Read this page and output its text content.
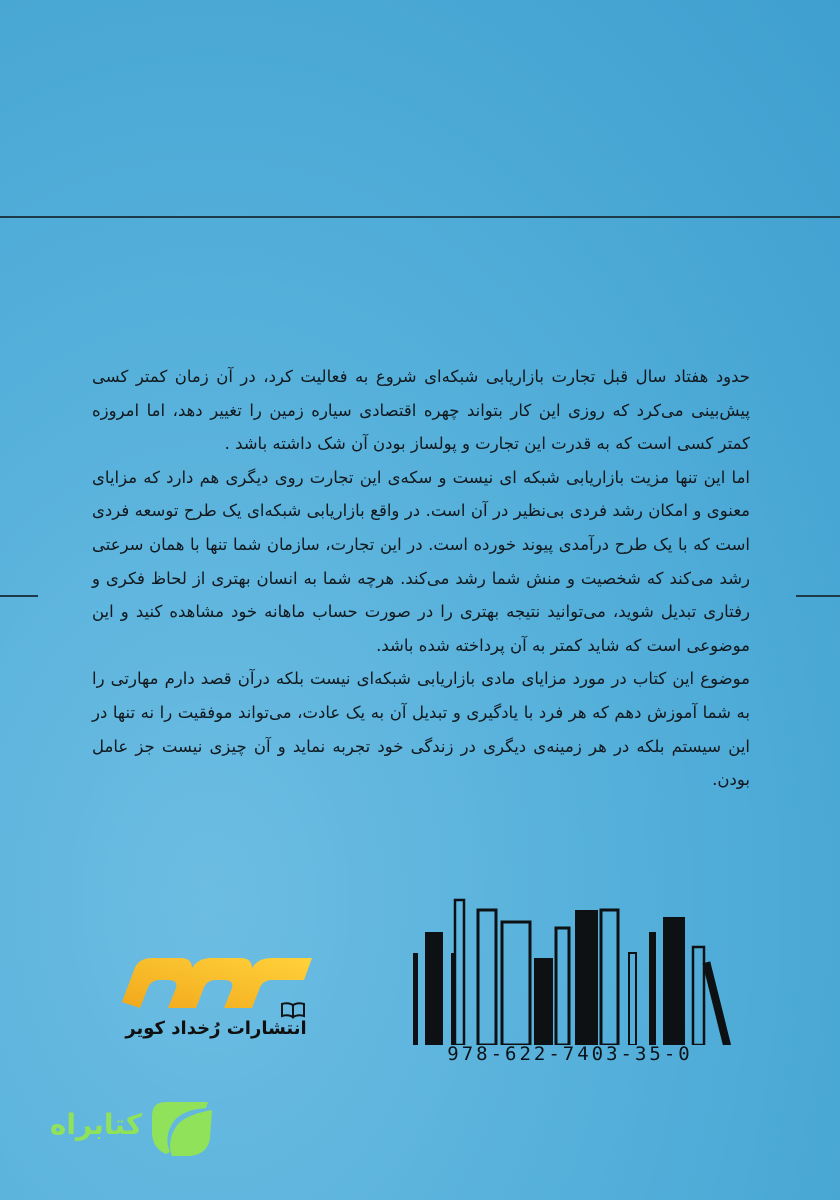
حدود هفتاد سال قبل تجارت بازاریابی شبکه‌ای شروع به فعالیت کرد، در آن زمان کمتر کسی پیش‌بینی می‌کرد که روزی این کار بتواند چهره اقتصادی سیاره زمین را تغییر دهد، اما امروزه کمتر کسی است که به قدرت این تجارت و پولساز بودن آن شک داشته باشد .

اما این تنها مزیت بازاریابی شبکه ای نیست و سکه‌ی این تجارت روی دیگری هم دارد که مزایای معنوی و امکان رشد فردی بی‌نظیر در آن است. در واقع بازاریابی شبکه‌ای یک طرح توسعه فردی است که با یک طرح درآمدی پیوند خورده است. در این تجارت، سازمان شما تنها با همان سرعتی رشد می‌کند که شخصیت و منش شما رشد می‌کند. هرچه شما به انسان بهتری از لحاظ فکری و رفتاری تبدیل شوید، می‌توانید نتیجه بهتری را در صورت حساب ماهانه خود مشاهده کنید و این موضوعی است که شاید کمتر به آن پرداخته شده باشد.

موضوع این کتاب در مورد مزایای مادی بازاریابی شبکه‌ای نیست بلکه درآن قصد دارم مهارتی را به شما آموزش دهم که هر فرد با یادگیری و تبدیل آن به یک عادت، می‌تواند موفقیت را نه تنها در این سیستم بلکه در هر زمینه‌ی دیگری در زندگی خود تجربه نماید و آن چیزی نیست جز عامل بودن.

انتشارات رُخداد کویر
978-622-7403-35-0
کتابراه
